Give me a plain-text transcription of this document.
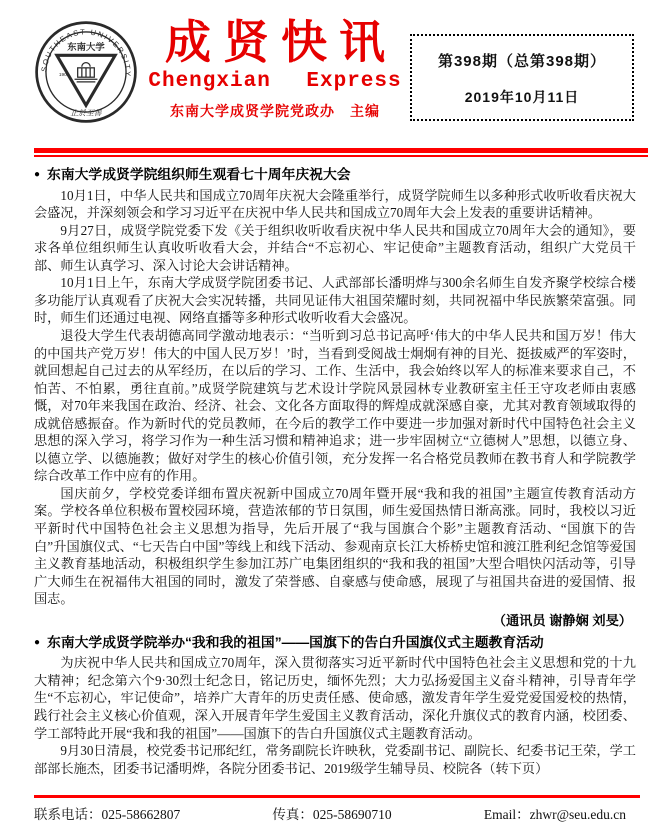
SOUTHEAST UNIVERSITY
东南大学
1902
止於至善
成贤快讯
Chengxian Express
东南大学成贤学院党政办　主编
第398期（总第398期）
2019年10月11日
● 东南大学成贤学院组织师生观看七十周年庆祝大会

10月1日，中华人民共和国成立70周年庆祝大会隆重举行，成贤学院师生以多种形式收听收看庆祝大会盛况，并深刻领会和学习习近平在庆祝中华人民共和国成立70周年大会上发表的重要讲话精神。

9月27日，成贤学院党委下发《关于组织收听收看庆祝中华人民共和国成立70周年大会的通知》，要求各单位组织师生认真收听收看大会，并结合“不忘初心、牢记使命”主题教育活动，组织广大党员干部、师生认真学习、深入讨论大会讲话精神。

10月1日上午，东南大学成贤学院团委书记、人武部部长潘明烨与300余名师生自发齐聚学校综合楼多功能厅认真观看了庆祝大会实况转播，共同见证伟大祖国荣耀时刻，共同祝福中华民族繁荣富强。同时，师生们还通过电视、网络直播等多种形式收听收看大会盛况。

退役大学生代表胡德高同学激动地表示：“当听到习总书记高呼‘伟大的中华人民共和国万岁！伟大的中国共产党万岁！伟大的中国人民万岁！’时，当看到受阅战士炯炯有神的目光、挺拔威严的军姿时，就回想起自己过去的从军经历，在以后的学习、工作、生活中，我会始终以军人的标准来要求自己，不怕苦、不怕累，勇往直前。”成贤学院建筑与艺术设计学院风景园林专业教研室主任王守攻老师由衷感慨，对70年来我国在政治、经济、社会、文化各方面取得的辉煌成就深感自豪，尤其对教育领域取得的成就倍感振奋。作为新时代的党员教师，在今后的教学工作中要进一步加强对新时代中国特色社会主义思想的深入学习，将学习作为一种生活习惯和精神追求；进一步牢固树立“立德树人”思想，以德立身、以德立学、以德施教；做好对学生的核心价值引领，充分发挥一名合格党员教师在教书育人和学院教学综合改革工作中应有的作用。

国庆前夕，学校党委详细布置庆祝新中国成立70周年暨开展“我和我的祖国”主题宣传教育活动方案。学校各单位积极布置校园环境，营造浓郁的节日氛围，师生爱国热情日渐高涨。同时，我校以习近平新时代中国特色社会主义思想为指导，先后开展了“我与国旗合个影”主题教育活动、“国旗下的告白”升国旗仪式、“七天告白中国”等线上和线下活动、参观南京长江大桥桥史馆和渡江胜利纪念馆等爱国主义教育基地活动，积极组织学生参加江苏广电集团组织的“我和我的祖国”大型合唱快闪活动等，引导广大师生在祝福伟大祖国的同时，激发了荣誉感、自豪感与使命感，展现了与祖国共奋进的爱国情、报国志。

（通讯员 谢静娴 刘旻）
● 东南大学成贤学院举办“我和我的祖国”——国旗下的告白升国旗仪式主题教育活动

为庆祝中华人民共和国成立70周年，深入贯彻落实习近平新时代中国特色社会主义思想和党的十九大精神；纪念第六个9·30烈士纪念日，铭记历史，缅怀先烈；大力弘扬爱国主义奋斗精神，引导青年学生“不忘初心，牢记使命”，培养广大青年的历史责任感、使命感，激发青年学生爱党爱国爱校的热情，践行社会主义核心价值观，深入开展青年学生爱国主义教育活动，深化升旗仪式的教育内涵，校团委、学工部特此开展“我和我的祖国”——国旗下的告白升国旗仪式主题教育活动。

9月30日清晨，校党委书记邢纪红，常务副院长许映秋，党委副书记、副院长、纪委书记王荣，学工部部长施杰，团委书记潘明烨，各院分团委书记、2019级学生辅导员、校院各（转下页）

联系电话：025-58662807	传真：025-58690710	Email：zhwr@seu.edu.cn
